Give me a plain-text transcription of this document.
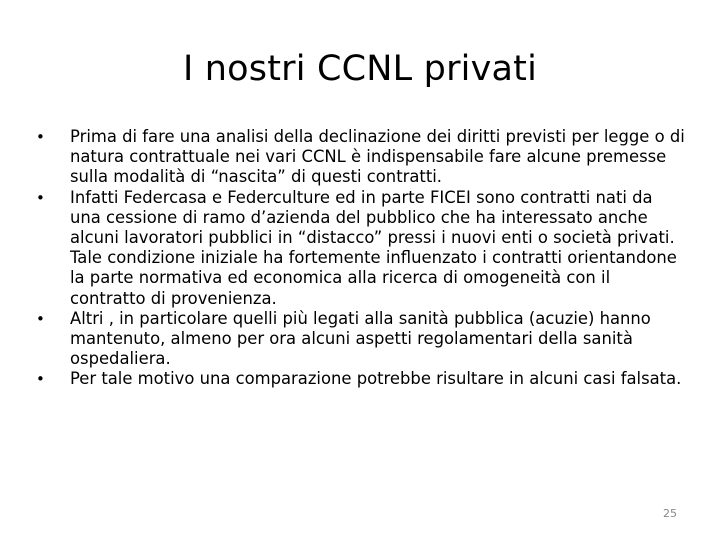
I nostri CCNL privati
•	Prima di fare una analisi della declinazione dei diritti previsti per legge o di natura contrattuale nei vari CCNL è indispensabile fare alcune premesse sulla modalità di “nascita” di questi contratti.
•	Infatti Federcasa e Federculture ed in parte FICEI sono contratti nati da una cessione di ramo d’azienda del pubblico che ha interessato anche alcuni lavoratori pubblici in “distacco” pressi i nuovi enti o società privati. Tale condizione iniziale ha fortemente influenzato i contratti orientandone la parte normativa ed economica alla ricerca di omogeneità con il contratto di provenienza.
•	Altri , in particolare quelli più legati alla sanità pubblica (acuzie) hanno mantenuto, almeno per ora alcuni aspetti regolamentari della sanità ospedaliera.
•	Per tale motivo una comparazione potrebbe risultare in alcuni casi falsata.
25
